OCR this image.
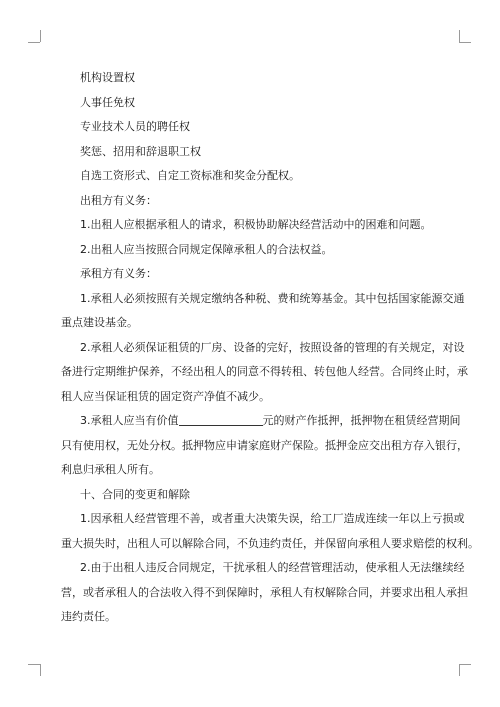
机构设置权
人事任免权
专业技术人员的聘任权
奖惩、招用和辞退职工权
自选工资形式、自定工资标准和奖金分配权。
出租方有义务：
1.出租人应根据承租人的请求，积极协助解决经营活动中的困难和问题。
2.出租人应当按照合同规定保障承租人的合法权益。
承租方有义务：
1.承租人必须按照有关规定缴纳各种税、费和统筹基金。其中包括国家能源交通
重点建设基金。
2.承租人必须保证租赁的厂房、设备的完好，按照设备的管理的有关规定，对设
备进行定期维护保养，不经出租人的同意不得转租、转包他人经营。合同终止时，承
租人应当保证租赁的固定资产净值不减少。
3.承租人应当有价值	元的财产作抵押，抵押物在租赁经营期间
只有使用权，无处分权。抵押物应申请家庭财产保险。抵押金应交出租方存入银行，
利息归承租人所有。
十、合同的变更和解除
1.因承租人经营管理不善，或者重大决策失误，给工厂造成连续一年以上亏损或
重大损失时，出租人可以解除合同，不负违约责任，并保留向承租人要求赔偿的权利。
2.由于出租人违反合同规定，干扰承租人的经营管理活动，使承租人无法继续经
营，或者承租人的合法收入得不到保障时，承租人有权解除合同，并要求出租人承担
违约责任。
